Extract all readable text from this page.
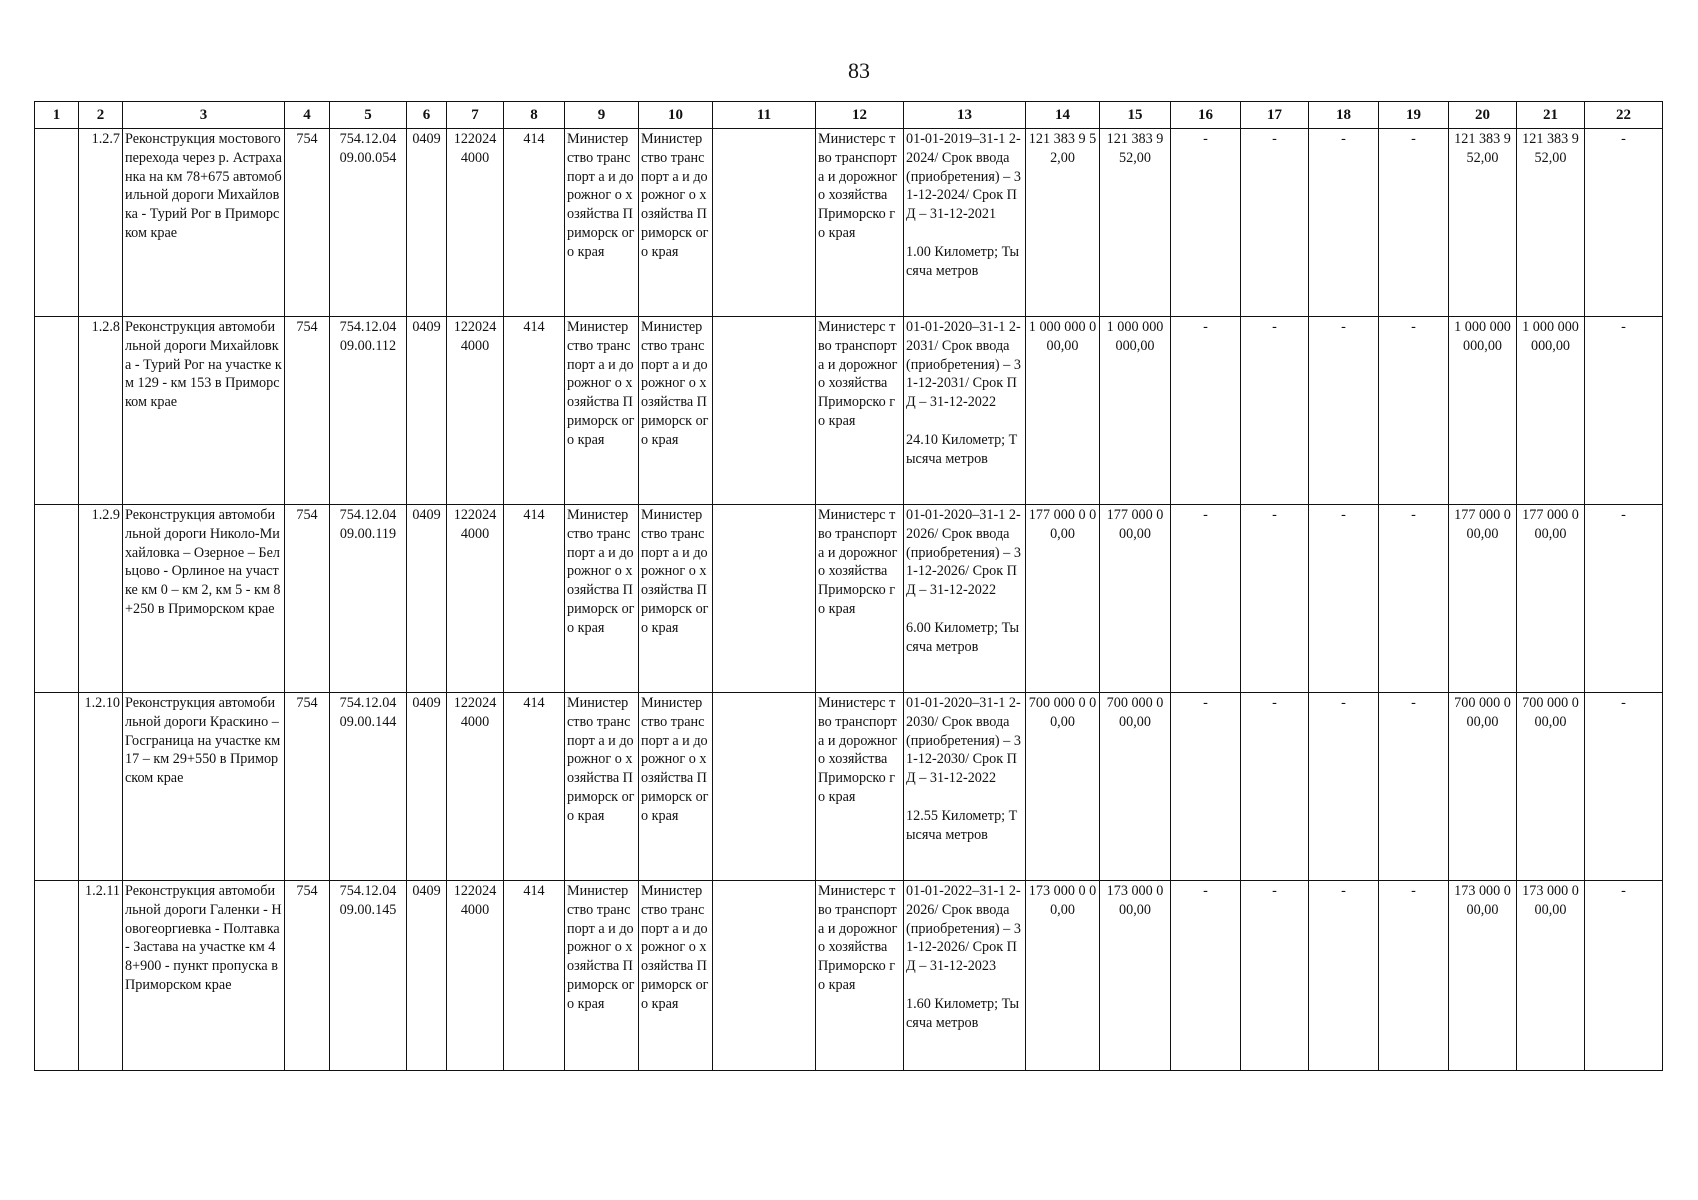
83
1	2	3	4	5	6	7	8	9	10	11	12	13	14	15	16	17	18	19	20	21	22
	1.2.7	Реконструкция мостового перехода через р. Астраханка на км 78+675 автомобильной дороги Михайловка - Турий Рог в Приморском крае	754	754.12.04 09.00.054	0409	122024 4000	414	Министер ство транспорт а и дорожног о хозяйства Приморск ого края	Министер ство транспорт а и дорожног о хозяйства Приморск ого края		Министерс тво транспорта и дорожного хозяйства Приморско го края	01-01-2019–31-1 2-2024/ Срок ввода (приобретения) – 31-12-2024/ Срок ПД – 31-12-2021

1.00 Километр; Тысяча метров	121 383 9 52,00	121 383 9 52,00	-	-	-	-	121 383 9 52,00	121 383 9 52,00	-
	1.2.8	Реконструкция автомобильной дороги Михайловка - Турий Рог на участке км 129 - км 153 в Приморском крае	754	754.12.04 09.00.112	0409	122024 4000	414	Министер ство транспорт а и дорожног о хозяйства Приморск ого края	Министер ство транспорт а и дорожног о хозяйства Приморск ого края		Министерс тво транспорта и дорожного хозяйства Приморско го края	01-01-2020–31-1 2-2031/ Срок ввода (приобретения) – 31-12-2031/ Срок ПД – 31-12-2022

24.10 Километр; Тысяча метров	1 000 000 000,00	1 000 000 000,00	-	-	-	-	1 000 000 000,00	1 000 000 000,00	-
	1.2.9	Реконструкция автомобильной дороги Николо-Михайловка – Озерное – Бельцово - Орлиное на участке км 0 – км 2, км 5 - км 8+250 в Приморском крае	754	754.12.04 09.00.119	0409	122024 4000	414	Министер ство транспорт а и дорожног о хозяйства Приморск ого края	Министер ство транспорт а и дорожног о хозяйства Приморск ого края		Министерс тво транспорта и дорожного хозяйства Приморско го края	01-01-2020–31-1 2-2026/ Срок ввода (приобретения) – 31-12-2026/ Срок ПД – 31-12-2022

6.00 Километр; Тысяча метров	177 000 0 00,00	177 000 0 00,00	-	-	-	-	177 000 0 00,00	177 000 0 00,00	-
	1.2.10	Реконструкция автомобильной дороги Краскино – Госграница на участке км 17 – км 29+550 в Приморском крае	754	754.12.04 09.00.144	0409	122024 4000	414	Министер ство транспорт а и дорожног о хозяйства Приморск ого края	Министер ство транспорт а и дорожног о хозяйства Приморск ого края		Министерс тво транспорта и дорожного хозяйства Приморско го края	01-01-2020–31-1 2-2030/ Срок ввода (приобретения) – 31-12-2030/ Срок ПД – 31-12-2022

12.55 Километр; Тысяча метров	700 000 0 00,00	700 000 0 00,00	-	-	-	-	700 000 0 00,00	700 000 0 00,00	-
	1.2.11	Реконструкция автомобильной дороги Галенки - Новогеоргиевка - Полтавка - Застава на участке км 48+900 - пункт пропуска в Приморском крае	754	754.12.04 09.00.145	0409	122024 4000	414	Министер ство транспорт а и дорожног о хозяйства Приморск ого края	Министер ство транспорт а и дорожног о хозяйства Приморск ого края		Министерс тво транспорта и дорожного хозяйства Приморско го края	01-01-2022–31-1 2-2026/ Срок ввода (приобретения) – 31-12-2026/ Срок ПД – 31-12-2023

1.60 Километр; Тысяча метров	173 000 0 00,00	173 000 0 00,00	-	-	-	-	173 000 0 00,00	173 000 0 00,00	-
